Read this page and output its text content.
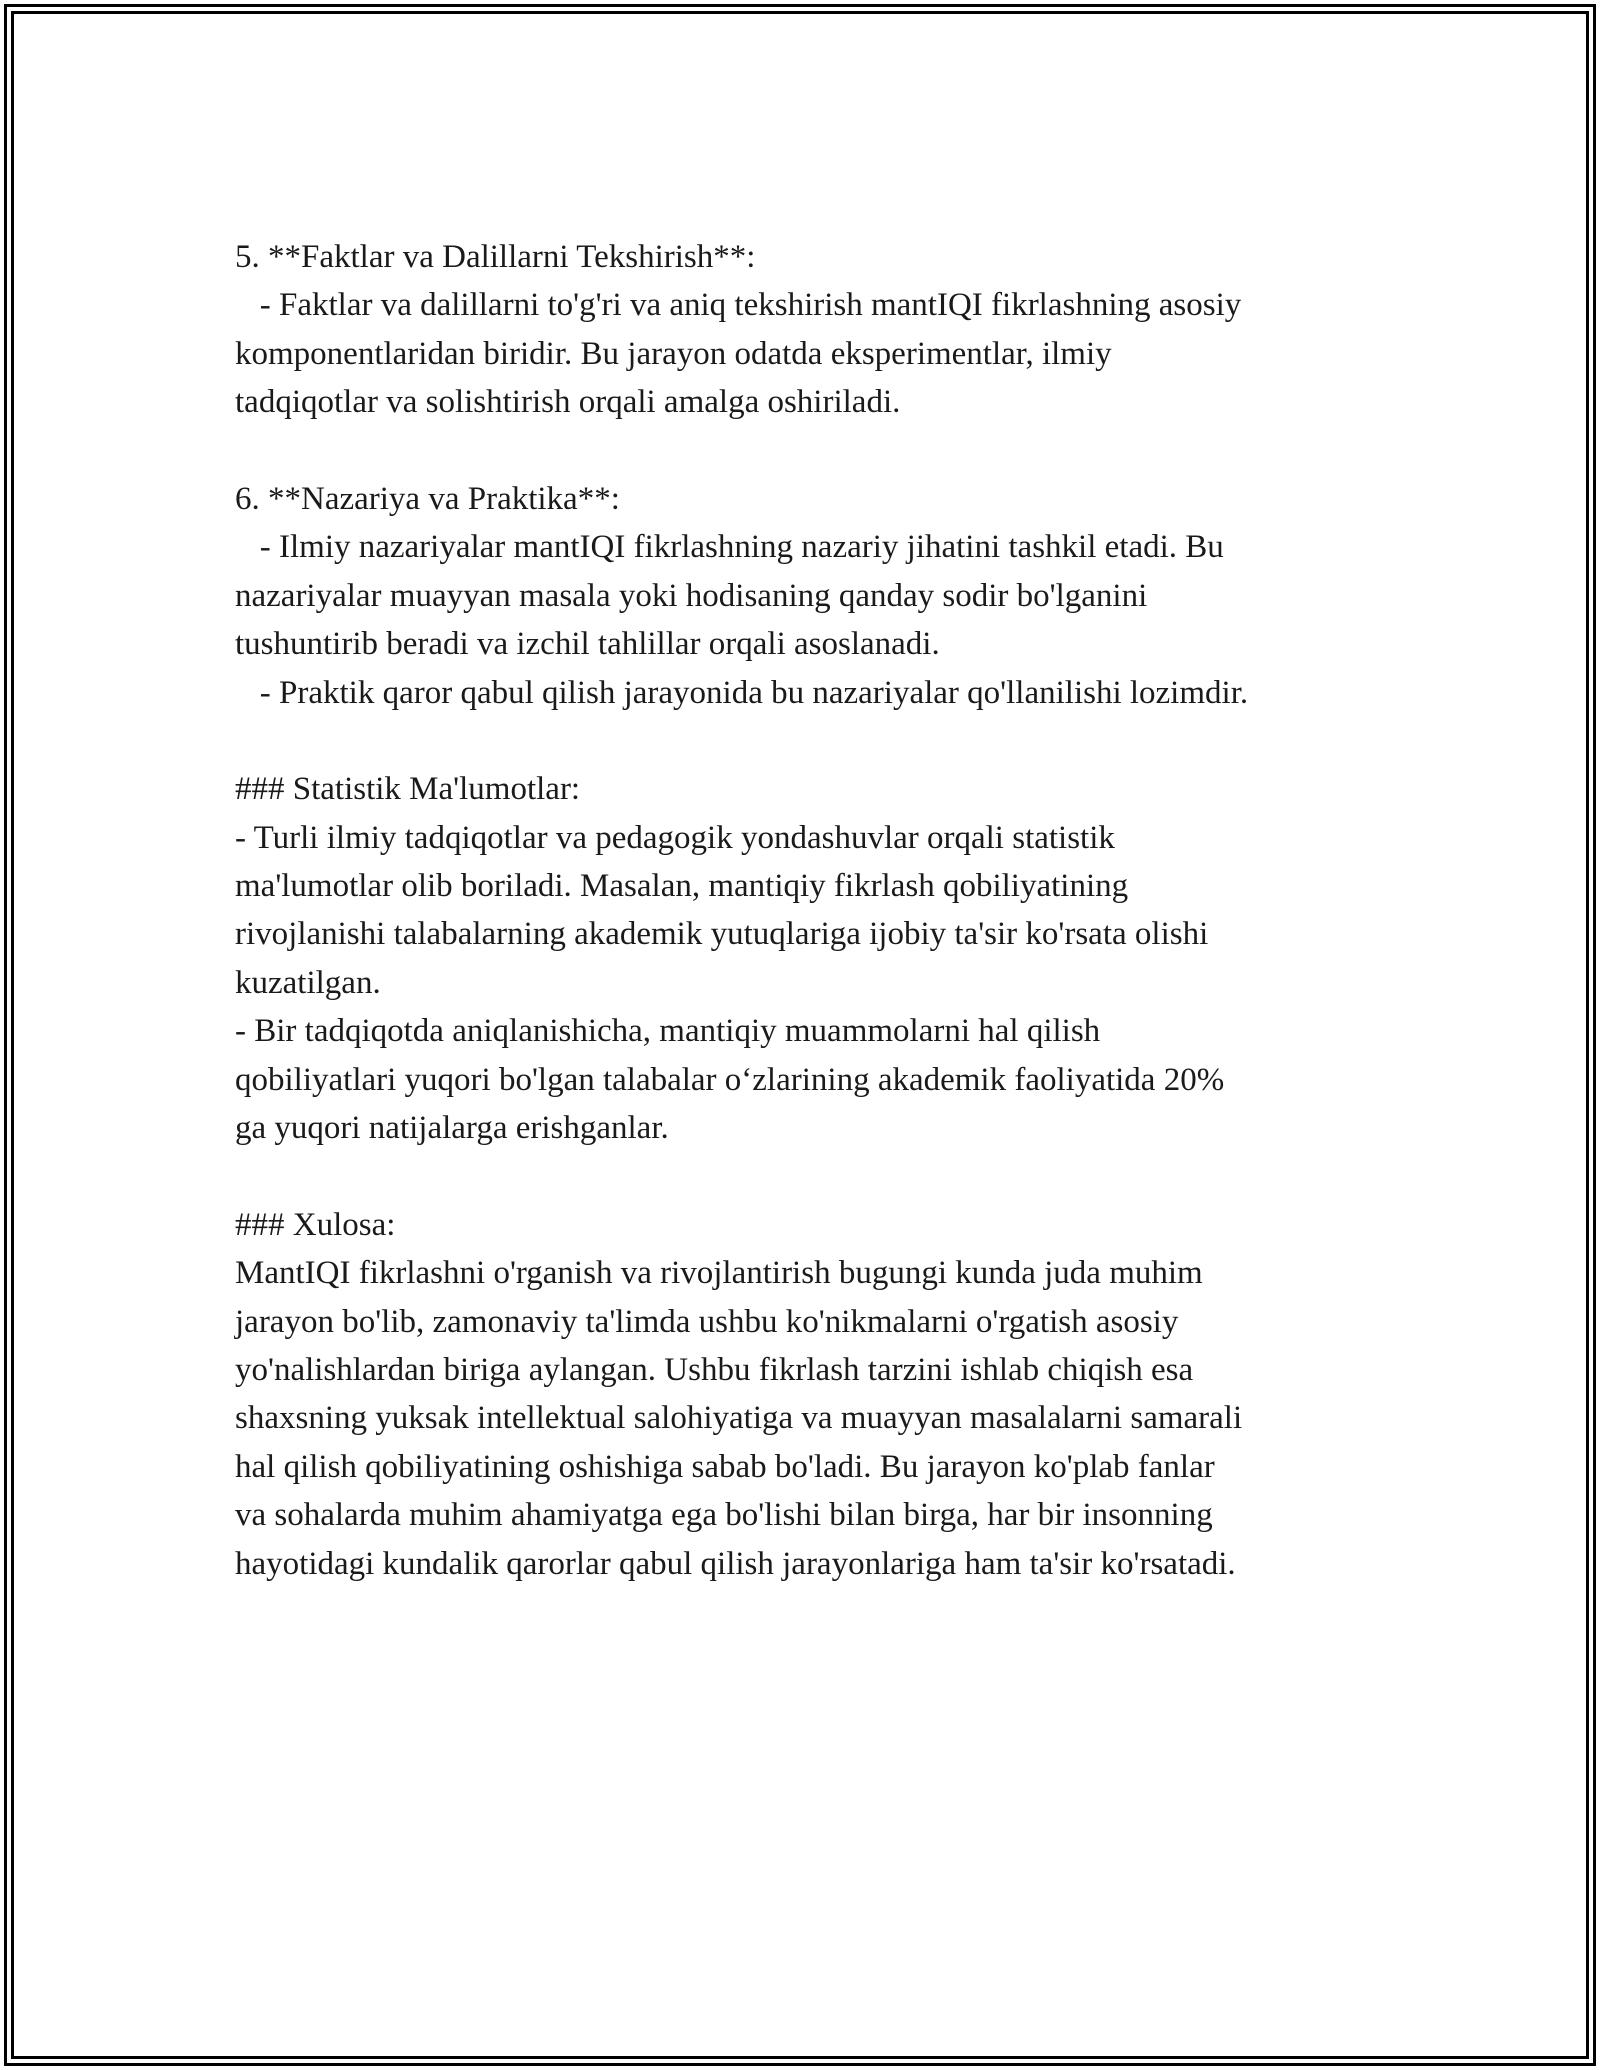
5. **Faktlar va Dalillarni Tekshirish**:
- Faktlar va dalillarni to'g'ri va aniq tekshirish mantIQI fikrlashning asosiy
komponentlaridan biridir. Bu jarayon odatda eksperimentlar, ilmiy
tadqiqotlar va solishtirish orqali amalga oshiriladi.
6. **Nazariya va Praktika**:
- Ilmiy nazariyalar mantIQI fikrlashning nazariy jihatini tashkil etadi. Bu
nazariyalar muayyan masala yoki hodisaning qanday sodir bo'lganini
tushuntirib beradi va izchil tahlillar orqali asoslanadi.
- Praktik qaror qabul qilish jarayonida bu nazariyalar qo'llanilishi lozimdir.
### Statistik Ma'lumotlar:
- Turli ilmiy tadqiqotlar va pedagogik yondashuvlar orqali statistik
ma'lumotlar olib boriladi. Masalan, mantiqiy fikrlash qobiliyatining
rivojlanishi talabalarning akademik yutuqlariga ijobiy ta'sir ko'rsata olishi
kuzatilgan.
- Bir tadqiqotda aniqlanishicha, mantiqiy muammolarni hal qilish
qobiliyatlari yuqori bo'lgan talabalar o‘zlarining akademik faoliyatida 20%
ga yuqori natijalarga erishganlar.
### Xulosa:
MantIQI fikrlashni o'rganish va rivojlantirish bugungi kunda juda muhim
jarayon bo'lib, zamonaviy ta'limda ushbu ko'nikmalarni o'rgatish asosiy
yo'nalishlardan biriga aylangan. Ushbu fikrlash tarzini ishlab chiqish esa
shaxsning yuksak intellektual salohiyatiga va muayyan masalalarni samarali
hal qilish qobiliyatining oshishiga sabab bo'ladi. Bu jarayon ko'plab fanlar
va sohalarda muhim ahamiyatga ega bo'lishi bilan birga, har bir insonning
hayotidagi kundalik qarorlar qabul qilish jarayonlariga ham ta'sir ko'rsatadi.
